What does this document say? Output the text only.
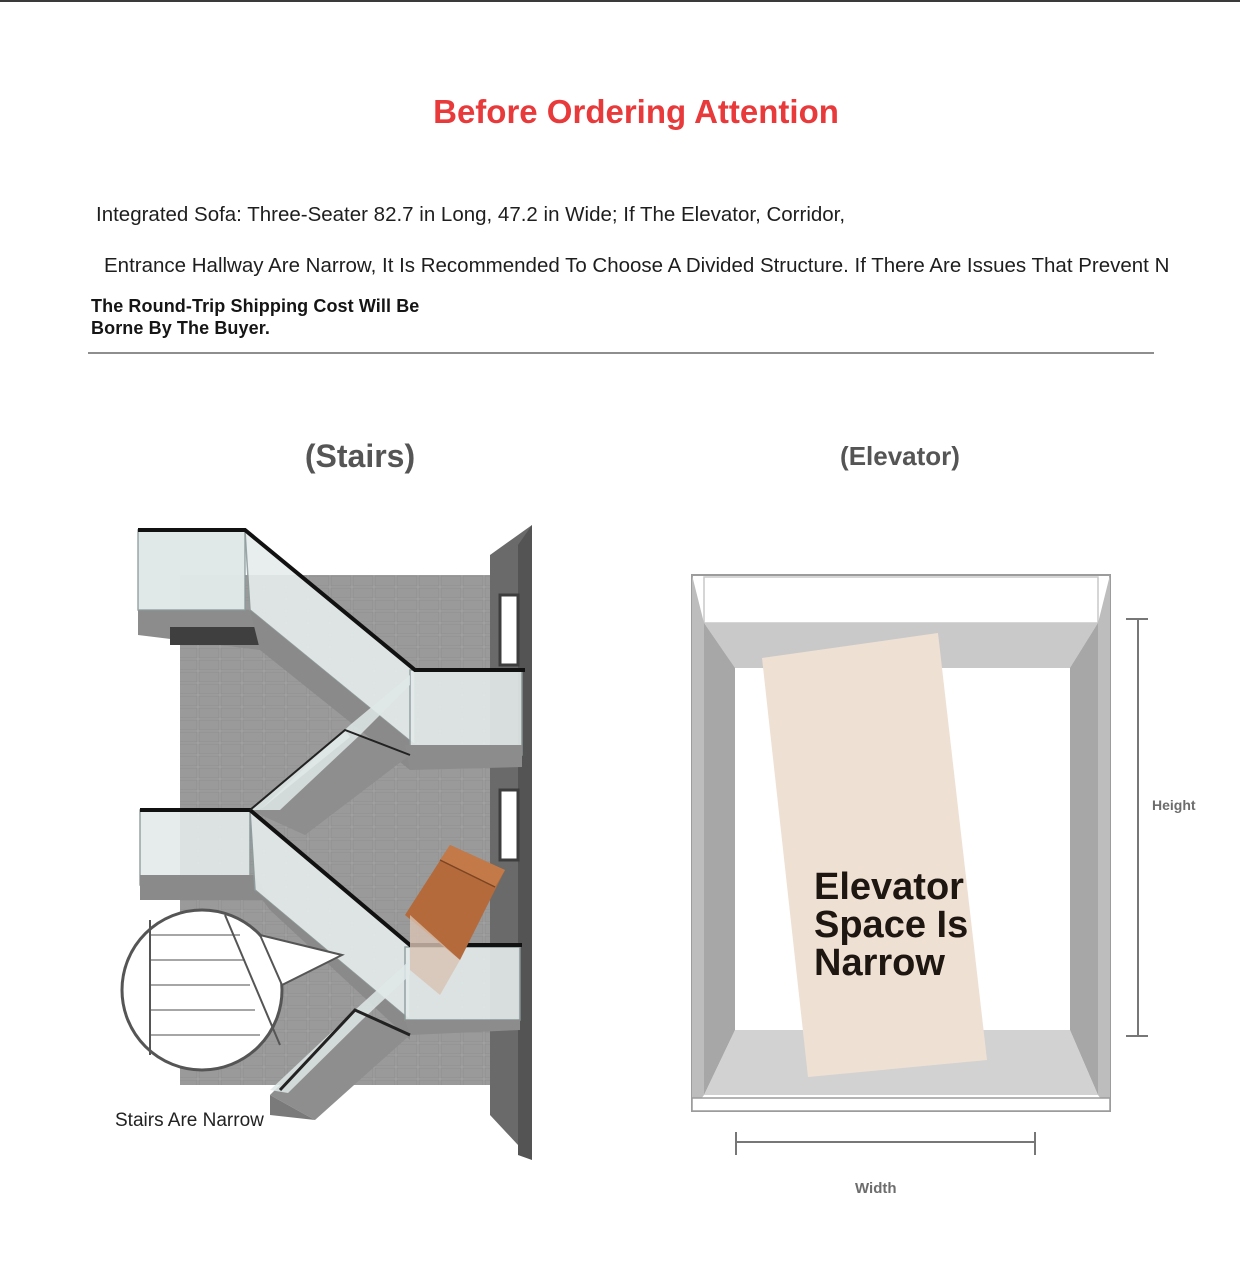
Before Ordering Attention
Integrated Sofa: Three-Seater 82.7 in Long, 47.2 in Wide; If The Elevator, Corridor,
Entrance Hallway Are Narrow, It Is Recommended To Choose A Divided Structure. If There Are Issues That Prevent N
The Round-Trip Shipping Cost Will Be Borne By The Buyer.
(Stairs)	(Elevator)
Stairs Are Narrow
Elevator
Space Is
Narrow
Height
Width
